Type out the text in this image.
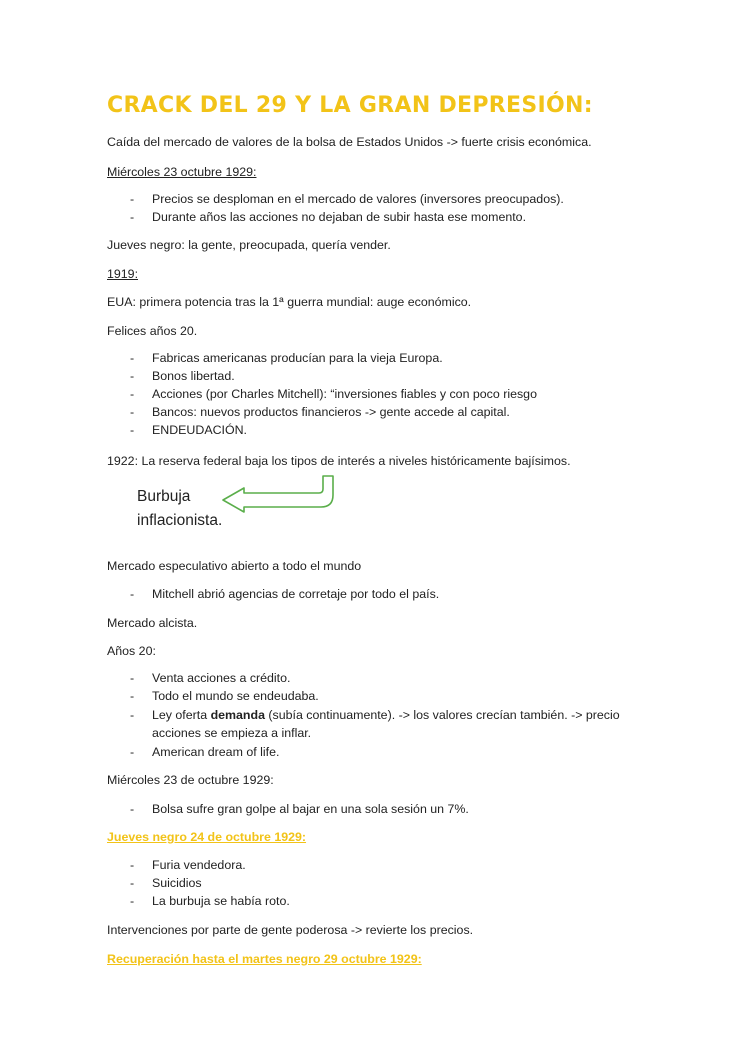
CRACK DEL 29 Y LA GRAN DEPRESIÓN:

Caída del mercado de valores de la bolsa de Estados Unidos -> fuerte crisis económica.

Miércoles 23 octubre 1929:

- Precios se desploman en el mercado de valores (inversores preocupados).

- Durante años las acciones no dejaban de subir hasta ese momento.

Jueves negro: la gente, preocupada, quería vender.

1919:

EUA: primera potencia tras la 1ª guerra mundial: auge económico.

Felices años 20.

- Fabricas americanas producían para la vieja Europa.

- Bonos libertad.

- Acciones (por Charles Mitchell): “inversiones fiables y con poco riesgo

- Bancos: nuevos productos financieros -> gente accede al capital.

- ENDEUDACIÓN.

1922: La reserva federal baja los tipos de interés a niveles históricamente bajísimos.

Burbuja
inflacionista.

Mercado especulativo abierto a todo el mundo

- Mitchell abrió agencias de corretaje por todo el país.

Mercado alcista.

Años 20:

- Venta acciones a crédito.

- Todo el mundo se endeudaba.

- Ley oferta demanda (subía continuamente). -> los valores crecían también. -> precio
acciones se empieza a inflar.

- American dream of life.

Miércoles 23 de octubre 1929:

- Bolsa sufre gran golpe al bajar en una sola sesión un 7%.

Jueves negro 24 de octubre 1929:

- Furia vendedora.

- Suicidios

- La burbuja se había roto.

Intervenciones por parte de gente poderosa -> revierte los precios.

Recuperación hasta el martes negro 29 octubre 1929:
